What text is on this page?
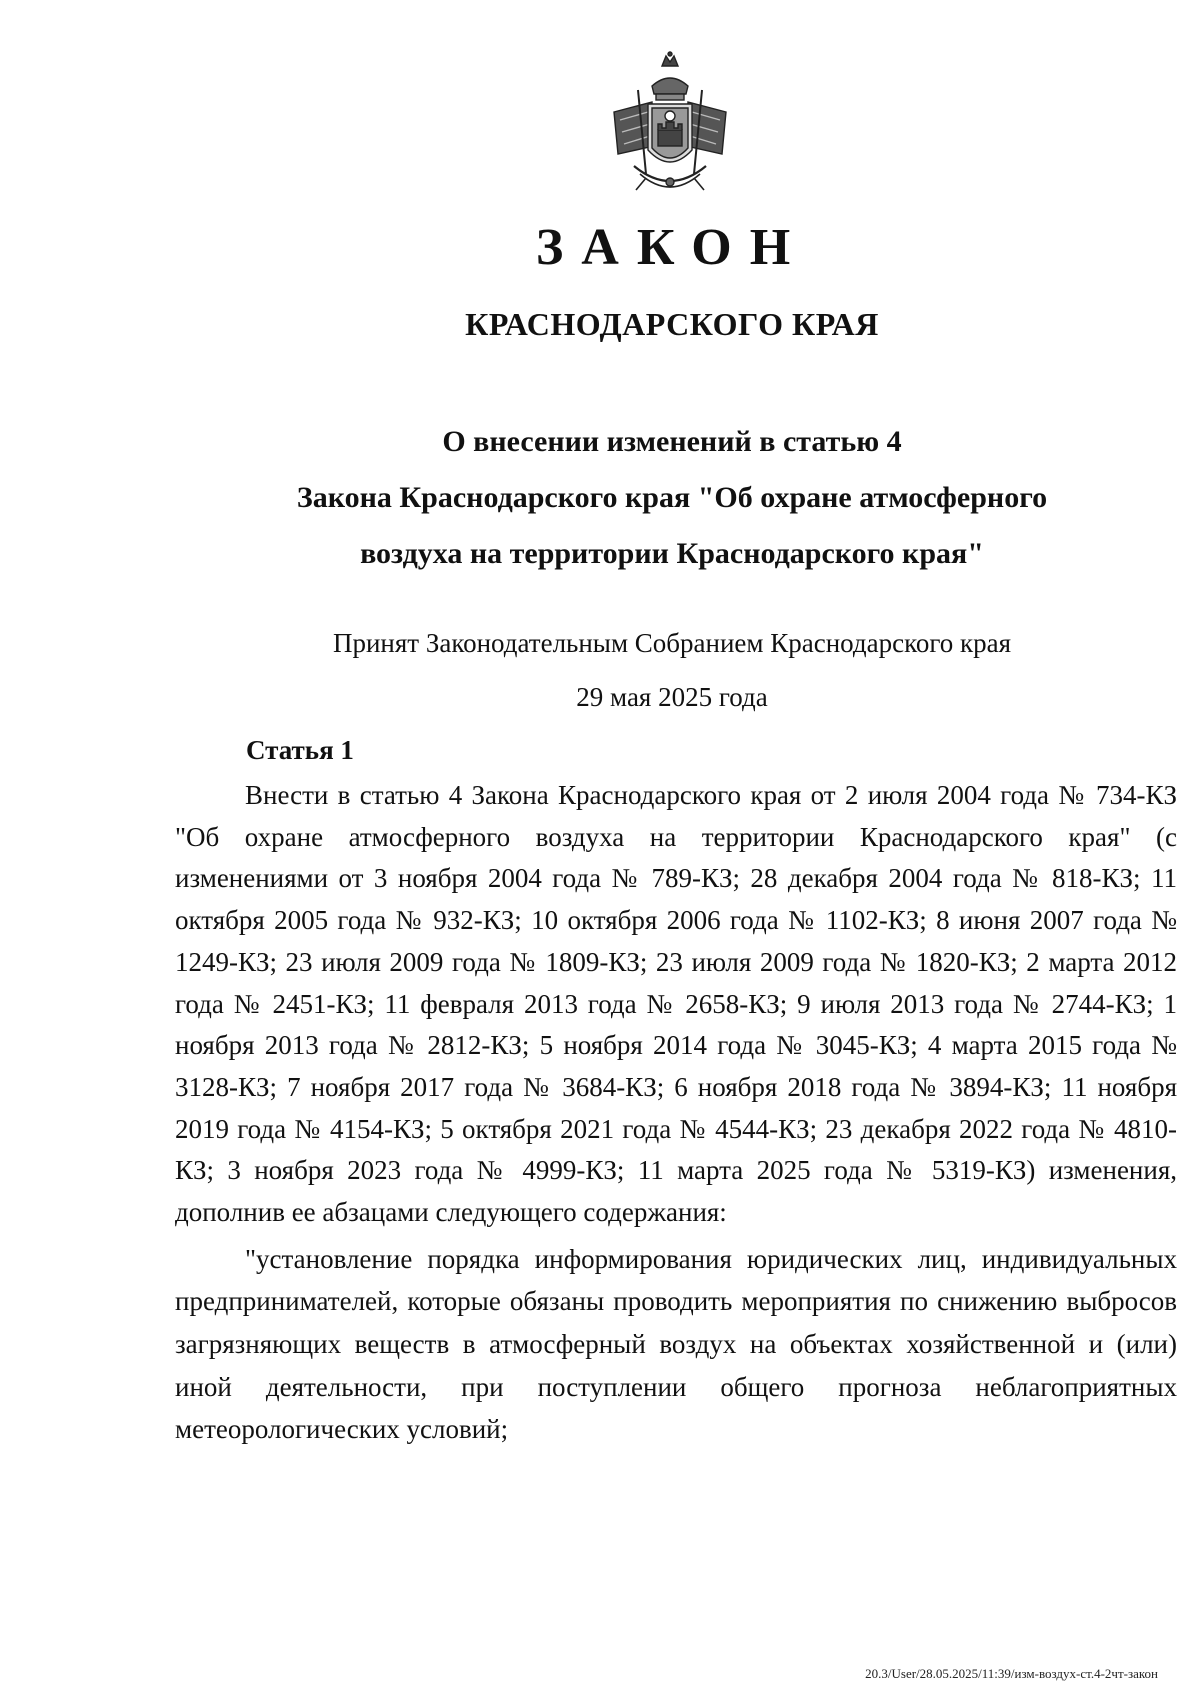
ЗАКОН
КРАСНОДАРСКОГО КРАЯ
О внесении изменений в статью 4
Закона Краснодарского края "Об охране атмосферного
воздуха на территории Краснодарского края"
Принят Законодательным Собранием Краснодарского края
29 мая 2025 года
Статья 1

Внести в статью 4 Закона Краснодарского края от 2 июля 2004 года № 734-КЗ "Об охране атмосферного воздуха на территории Краснодарского края" (с изменениями от 3 ноября 2004 года № 789-КЗ; 28 декабря 2004 года № 818-КЗ; 11 октября 2005 года № 932-КЗ; 10 октября 2006 года № 1102-КЗ; 8 июня 2007 года № 1249-КЗ; 23 июля 2009 года № 1809-КЗ; 23 июля 2009 года № 1820-КЗ; 2 марта 2012 года № 2451-КЗ; 11 февраля 2013 года № 2658-КЗ; 9 июля 2013 года № 2744-КЗ; 1 ноября 2013 года № 2812-КЗ; 5 ноября 2014 года № 3045-КЗ; 4 марта 2015 года № 3128-КЗ; 7 ноября 2017 года № 3684-КЗ; 6 ноября 2018 года № 3894-КЗ; 11 ноября 2019 года № 4154-КЗ; 5 октября 2021 года № 4544-КЗ; 23 декабря 2022 года № 4810-КЗ; 3 ноября 2023 года № 4999-КЗ; 11 марта 2025 года № 5319-КЗ) изменения, дополнив ее абзацами следующего содержания:

"установление порядка информирования юридических лиц, индивидуальных предпринимателей, которые обязаны проводить мероприятия по снижению выбросов загрязняющих веществ в атмосферный воздух на объектах хозяйственной и (или) иной деятельности, при поступлении общего прогноза неблагоприятных метеорологических условий;

20.3/User/28.05.2025/11:39/изм-воздух-ст.4-2чт-закон
